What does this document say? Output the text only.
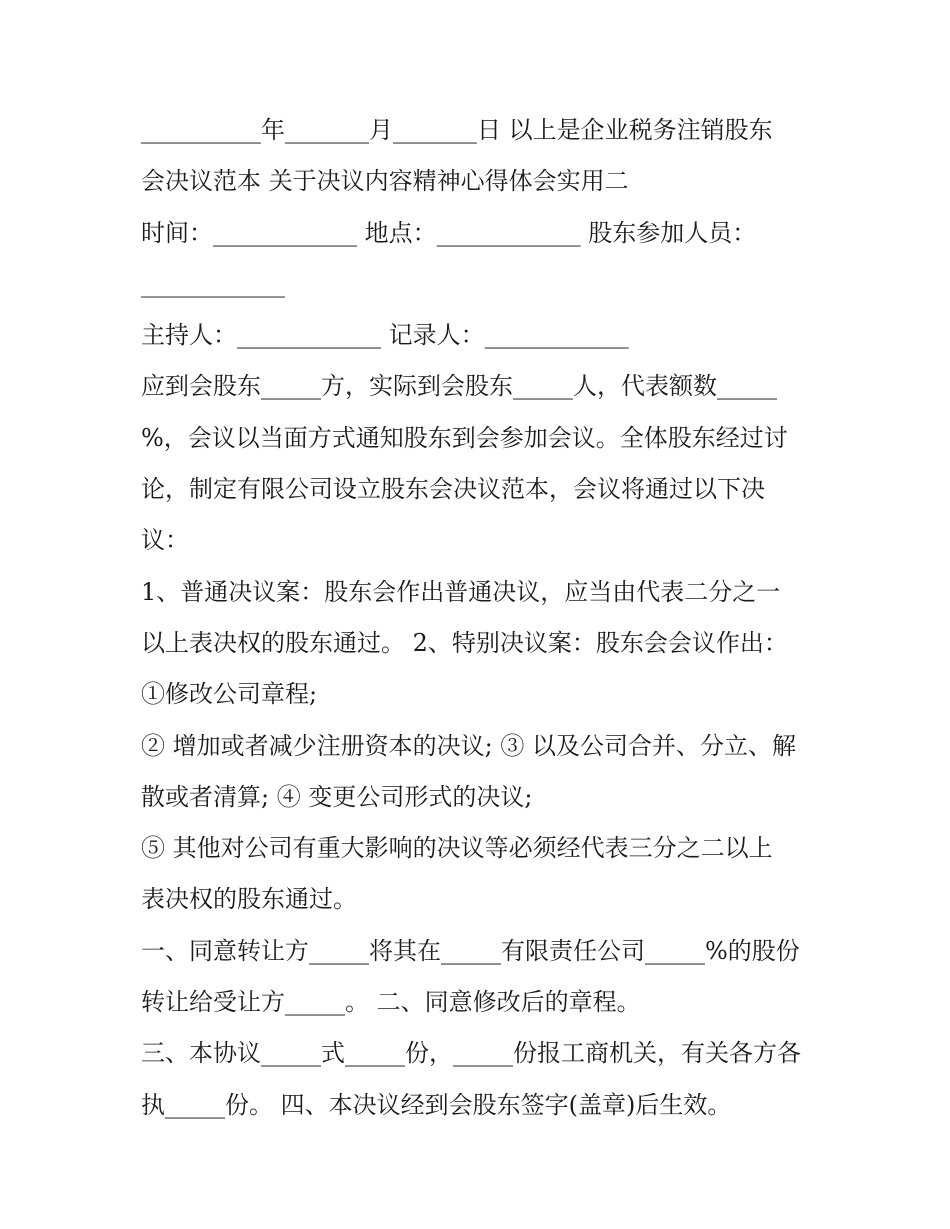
__________年_______月_______日 以上是企业税务注销股东
会决议范本 关于决议内容精神心得体会实用二
时间：____________ 地点：____________ 股东参加人员：
____________
主持人：____________ 记录人：____________
应到会股东_____方，实际到会股东_____人，代表额数_____
%，会议以当面方式通知股东到会参加会议。全体股东经过讨
论，制定有限公司设立股东会决议范本，会议将通过以下决
议：
1、普通决议案：股东会作出普通决议，应当由代表二分之一
以上表决权的股东通过。 2、特别决议案：股东会会议作出：
①修改公司章程;
② 增加或者减少注册资本的决议; ③ 以及公司合并、分立、解
散或者清算; ④ 变更公司形式的决议;
⑤ 其他对公司有重大影响的决议等必须经代表三分之二以上
表决权的股东通过。
一、同意转让方_____将其在_____有限责任公司_____%的股份
转让给受让方_____。 二、同意修改后的章程。
三、本协议_____式_____份，_____份报工商机关，有关各方各
执_____份。 四、本决议经到会股东签字(盖章)后生效。
